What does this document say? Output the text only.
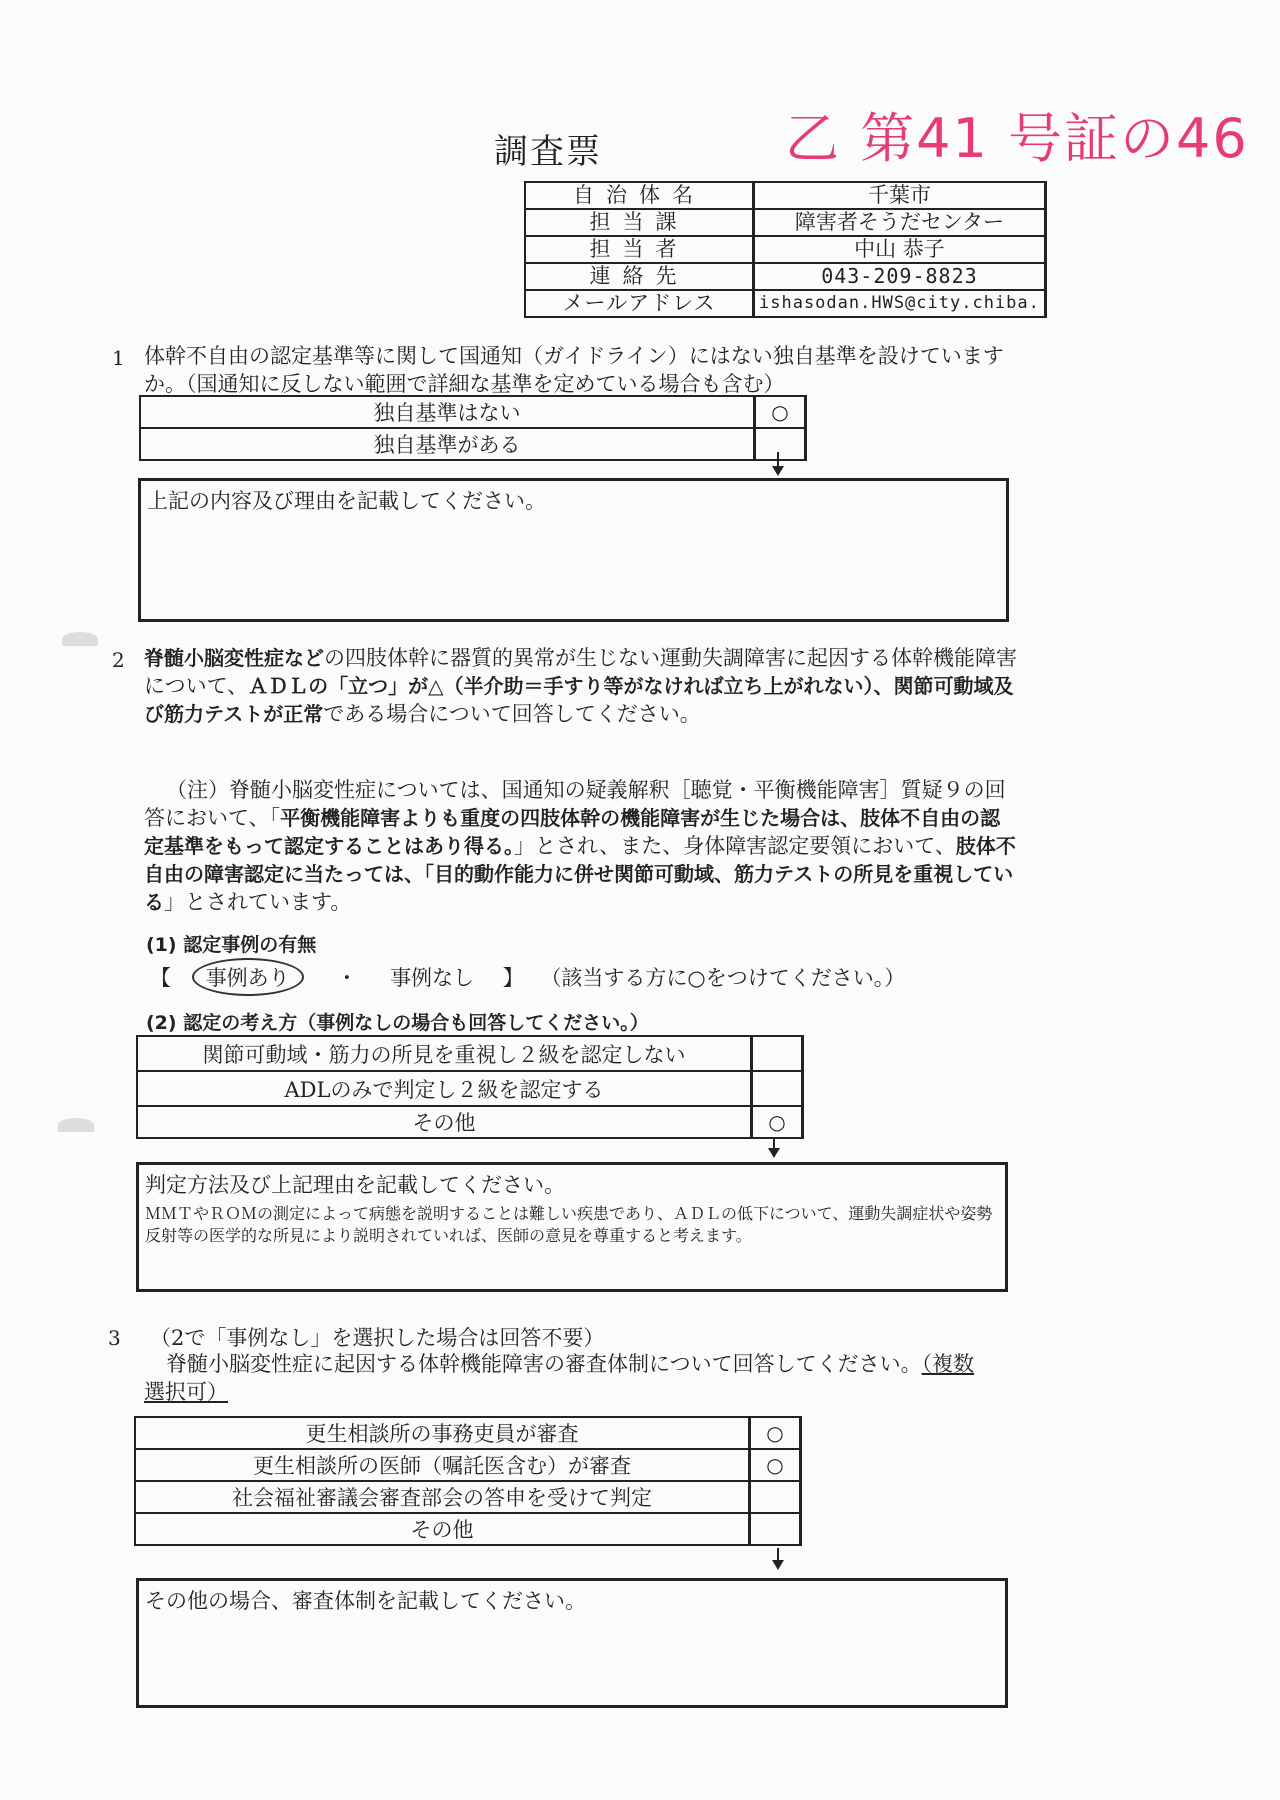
調査票	乙 第41 号証の46
自治体名	千葉市
担当課	障害者そうだセンター
担当者	中山 恭子
連絡先	043-209-8823
メールアドレス	ishasodan.HWS@city.chiba.
1 体幹不自由の認定基準等に関して国通知（ガイドライン）にはない独自基準を設けていますか。（国通知に反しない範囲で詳細な基準を定めている場合も含む）
独自基準はない	○
独自基準がある	
上記の内容及び理由を記載してください。
2 脊髄小脳変性症などの四肢体幹に器質的異常が生じない運動失調障害に起因する体幹機能障害について、ＡＤＬの「立つ」が△（半介助＝手すり等がなければ立ち上がれない）、関節可動域及び筋力テストが正常である場合について回答してください。
（注）脊髄小脳変性症については、国通知の疑義解釈［聴覚・平衡機能障害］質疑９の回答において、「平衡機能障害よりも重度の四肢体幹の機能障害が生じた場合は、肢体不自由の認定基準をもって認定することはあり得る。」とされ、また、身体障害認定要領において、肢体不自由の障害認定に当たっては、「目的動作能力に併せ関節可動域、筋力テストの所見を重視している」とされています。
(1) 認定事例の有無
【 事例あり ・ 事例なし 】 （該当する方に○をつけてください。）
(2) 認定の考え方（事例なしの場合も回答してください。）
関節可動域・筋力の所見を重視し２級を認定しない	
ADLのみで判定し２級を認定する	
その他	○
判定方法及び上記理由を記載してください。
ＭＭＴやＲＯＭの測定によって病態を説明することは難しい疾患であり、ＡＤＬの低下について、運動失調症状や姿勢反射等の医学的な所見により説明されていれば、医師の意見を尊重すると考えます。
3 （2で「事例なし」を選択した場合は回答不要）
脊髄小脳変性症に起因する体幹機能障害の審査体制について回答してください。（複数選択可）
更生相談所の事務吏員が審査	○
更生相談所の医師（嘱託医含む）が審査	○
社会福祉審議会審査部会の答申を受けて判定	
その他	
その他の場合、審査体制を記載してください。
